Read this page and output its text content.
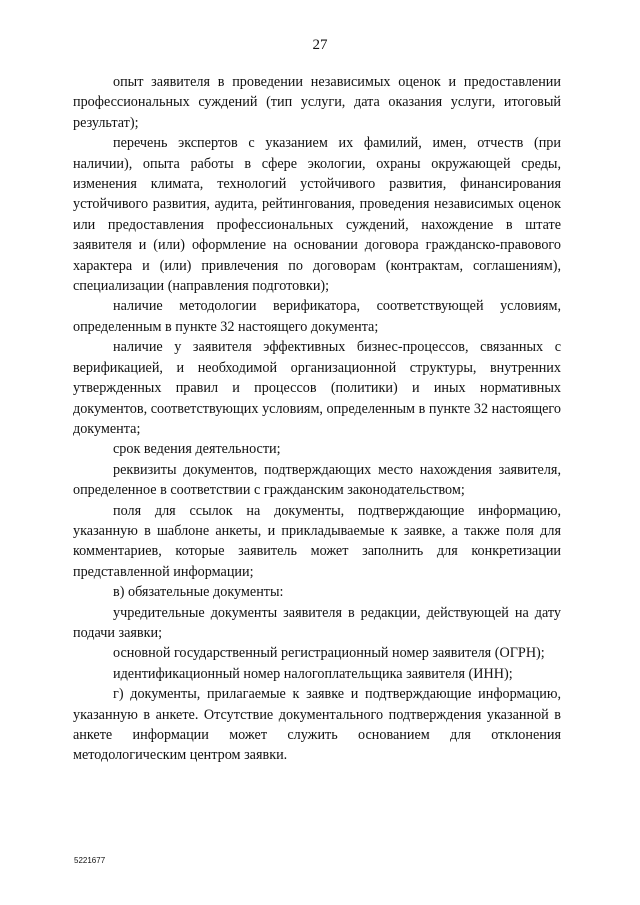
27

опыт заявителя в проведении независимых оценок и предоставлении профессиональных суждений (тип услуги, дата оказания услуги, итоговый результат);

перечень экспертов с указанием их фамилий, имен, отчеств (при наличии), опыта работы в сфере экологии, охраны окружающей среды, изменения климата, технологий устойчивого развития, финансирования устойчивого развития, аудита, рейтингования, проведения независимых оценок или предоставления профессиональных суждений, нахождение в штате заявителя и (или) оформление на основании договора гражданско-правового характера и (или) привлечения по договорам (контрактам, соглашениям), специализации (направления подготовки);

наличие методологии верификатора, соответствующей условиям, определенным в пункте 32 настоящего документа;

наличие у заявителя эффективных бизнес-процессов, связанных с верификацией, и необходимой организационной структуры, внутренних утвержденных правил и процессов (политики) и иных нормативных документов, соответствующих условиям, определенным в пункте 32 настоящего документа;

срок ведения деятельности;

реквизиты документов, подтверждающих место нахождения заявителя, определенное в соответствии с гражданским законодательством;

поля для ссылок на документы, подтверждающие информацию, указанную в шаблоне анкеты, и прикладываемые к заявке, а также поля для комментариев, которые заявитель может заполнить для конкретизации представленной информации;

в) обязательные документы:

учредительные документы заявителя в редакции, действующей на дату подачи заявки;

основной государственный регистрационный номер заявителя (ОГРН);

идентификационный номер налогоплательщика заявителя (ИНН);

г) документы, прилагаемые к заявке и подтверждающие информацию, указанную в анкете. Отсутствие документального подтверждения указанной в анкете информации может служить основанием для отклонения методологическим центром заявки.

5221677
